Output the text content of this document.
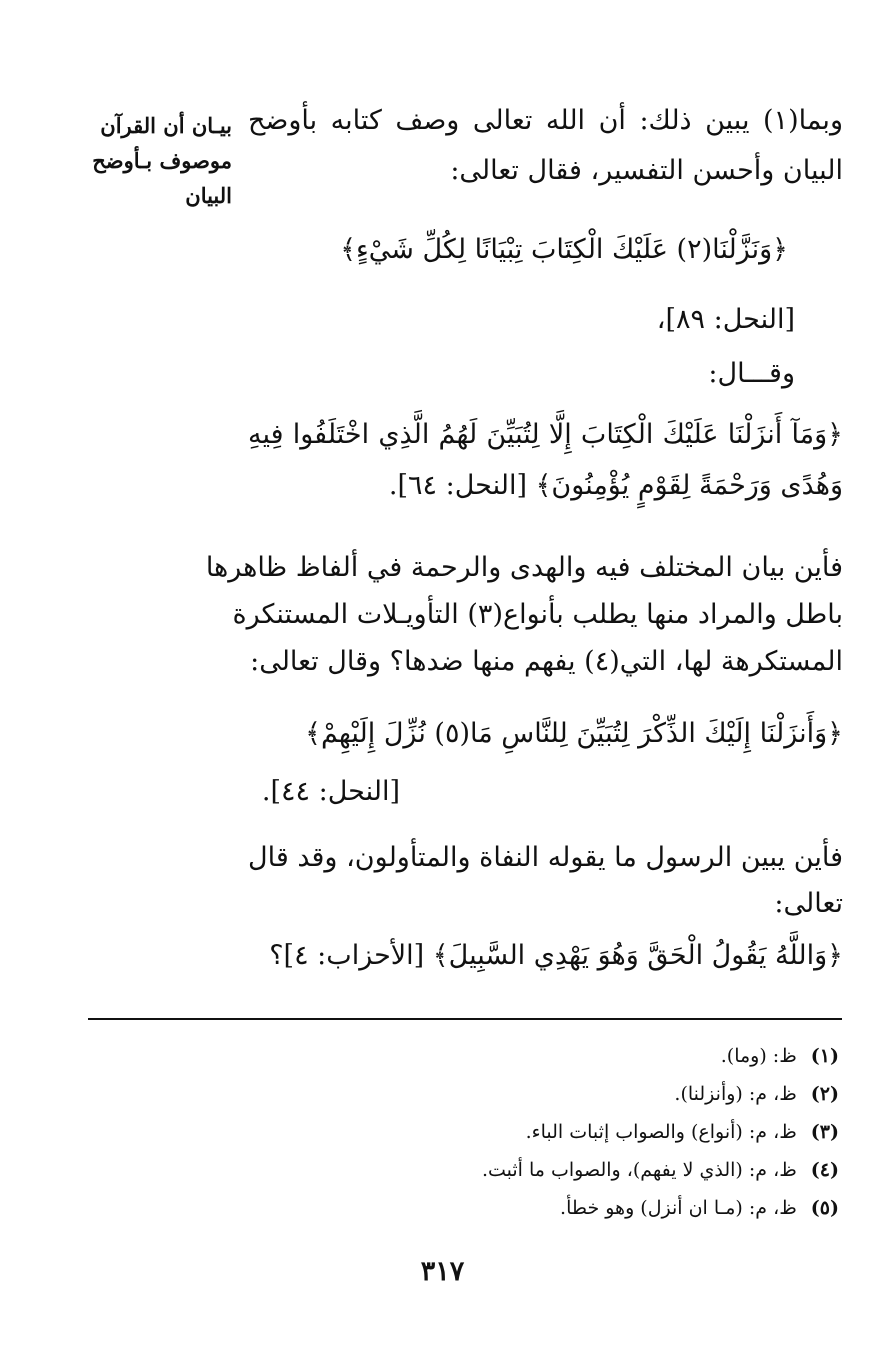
بيـان أن القرآن
موصوف بـأوضح
البيان
وبما(١) يبين ذلك: أن الله تعالى وصف كتابه بأوضح
البيان وأحسن التفسير، فقال تعالى:
﴿وَنَزَّلْنَا(٢) عَلَيْكَ الْكِتَابَ تِبْيَانًا لِكُلِّ شَيْءٍ﴾
[النحل: ٨٩]،
وقـــال:
﴿وَمَآ أَنزَلْنَا عَلَيْكَ الْكِتَابَ إِلَّا لِتُبَيِّنَ لَهُمُ الَّذِي اخْتَلَفُوا فِيهِ
وَهُدًى وَرَحْمَةً لِقَوْمٍ يُؤْمِنُونَ﴾ [النحل: ٦٤].
فأين بيان المختلف فيه والهدى والرحمة في ألفاظ ظاهرها
باطل والمراد منها يطلب بأنواع(٣) التأويـلات المستنكرة
المستكرهة لها، التي(٤) يفهم منها ضدها؟ وقال تعالى:
﴿وَأَنزَلْنَا إِلَيْكَ الذِّكْرَ لِتُبَيِّنَ لِلنَّاسِ مَا(٥) نُزِّلَ إِلَيْهِمْ﴾
[النحل: ٤٤].
فأين يبين الرسول ما يقوله النفاة والمتأولون، وقد قال
تعالى:
﴿وَاللَّهُ يَقُولُ الْحَقَّ وَهُوَ يَهْدِي السَّبِيلَ﴾ [الأحزاب: ٤]؟
(١)ظ: (وما).
(٢)ظ، م: (وأنزلنا).
(٣)ظ، م: (أنواع) والصواب إثبات الباء.
(٤)ظ، م: (الذي لا يفهم)، والصواب ما أثبت.
(٥)ظ، م: (مـا ان أنزل) وهو خطأ.
٣١٧
